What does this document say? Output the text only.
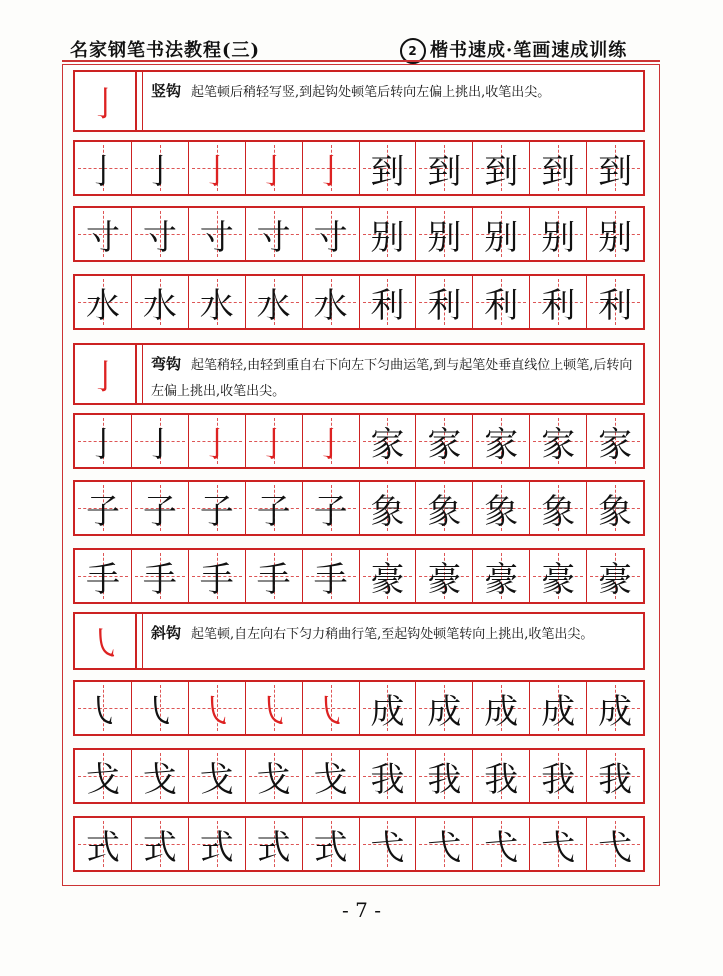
名家钢笔书法教程(三)	2 楷书速成·笔画速成训练
亅	竖钩 起笔顿后稍轻写竖,到起钩处顿笔后转向左偏上挑出,收笔出尖。
亅 亅 亅 亅 亅 到 到 到 到 到
寸 寸 寸 寸 寸 别 别 别 别 别
水 水 水 水 水 利 利 利 利 利
亅	弯钩 起笔稍轻,由轻到重自右下向左下匀曲运笔,到与起笔处垂直线位上顿笔,后转向左偏上挑出,收笔出尖。
亅 亅 亅 亅 亅 家 家 家 家 家
子 子 子 子 子 象 象 象 象 象
手 手 手 手 手 豪 豪 豪 豪 豪
㇂	斜钩 起笔顿,自左向右下匀力稍曲行笔,至起钩处顿笔转向上挑出,收笔出尖。
㇂ ㇂ ㇂ ㇂ ㇂ 成 成 成 成 成
戈 戈 戈 戈 戈 我 我 我 我 我
式 式 式 式 式 弋 弋 弋 弋 弋
- 7 -
